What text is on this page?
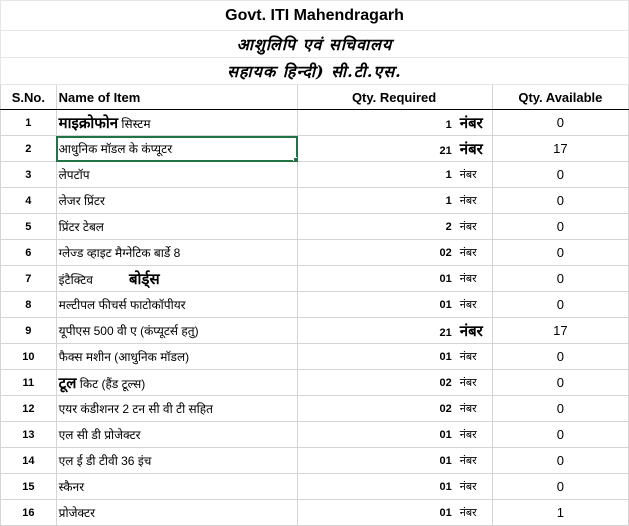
Govt. ITI Mahendragarh			
आशुलिपि एवं सचिवालय			
सहायक हिन्दी) सी.टी.एस.			
S.No.	Name of Item	Qty. Required	Qty. Available
1	माइक्रोफोन सिस्टम	1 नंबर	0
2	आधुनिक मॉडल के कंप्यूटर	21 नंबर	17
3	लेपटॉप	1 नंबर	0
4	लेजर प्रिंटर	1 नंबर	0
5	प्रिंटर टेबल	2 नंबर	0
6	ग्लेज्ड व्हाइट मैग्नेटिक बार्डे 8	02 नंबर	0
7	इंटैक्टिव बोर्ड्स	01 नंबर	0
8	मल्टीपल फीचर्स फाटोकॉपीयर	01 नंबर	0
9	यूपीएस 500 वी ए (कंप्यूटर्स हतु)	21 नंबर	17
10	फैक्स मशीन (आधुनिक मॉडल)	01 नंबर	0
11	टूल किट (हैंड टूल्स)	02 नंबर	0
12	एयर कंडीशनर 2 टन सी वी टी सहित	02 नंबर	0
13	एल सी डी प्रोजेक्टर	01 नंबर	0
14	एल ई डी टीवी 36 इंच	01 नंबर	0
15	स्कैनर	01 नंबर	0
16	प्रोजेक्टर	01 नंबर	1
